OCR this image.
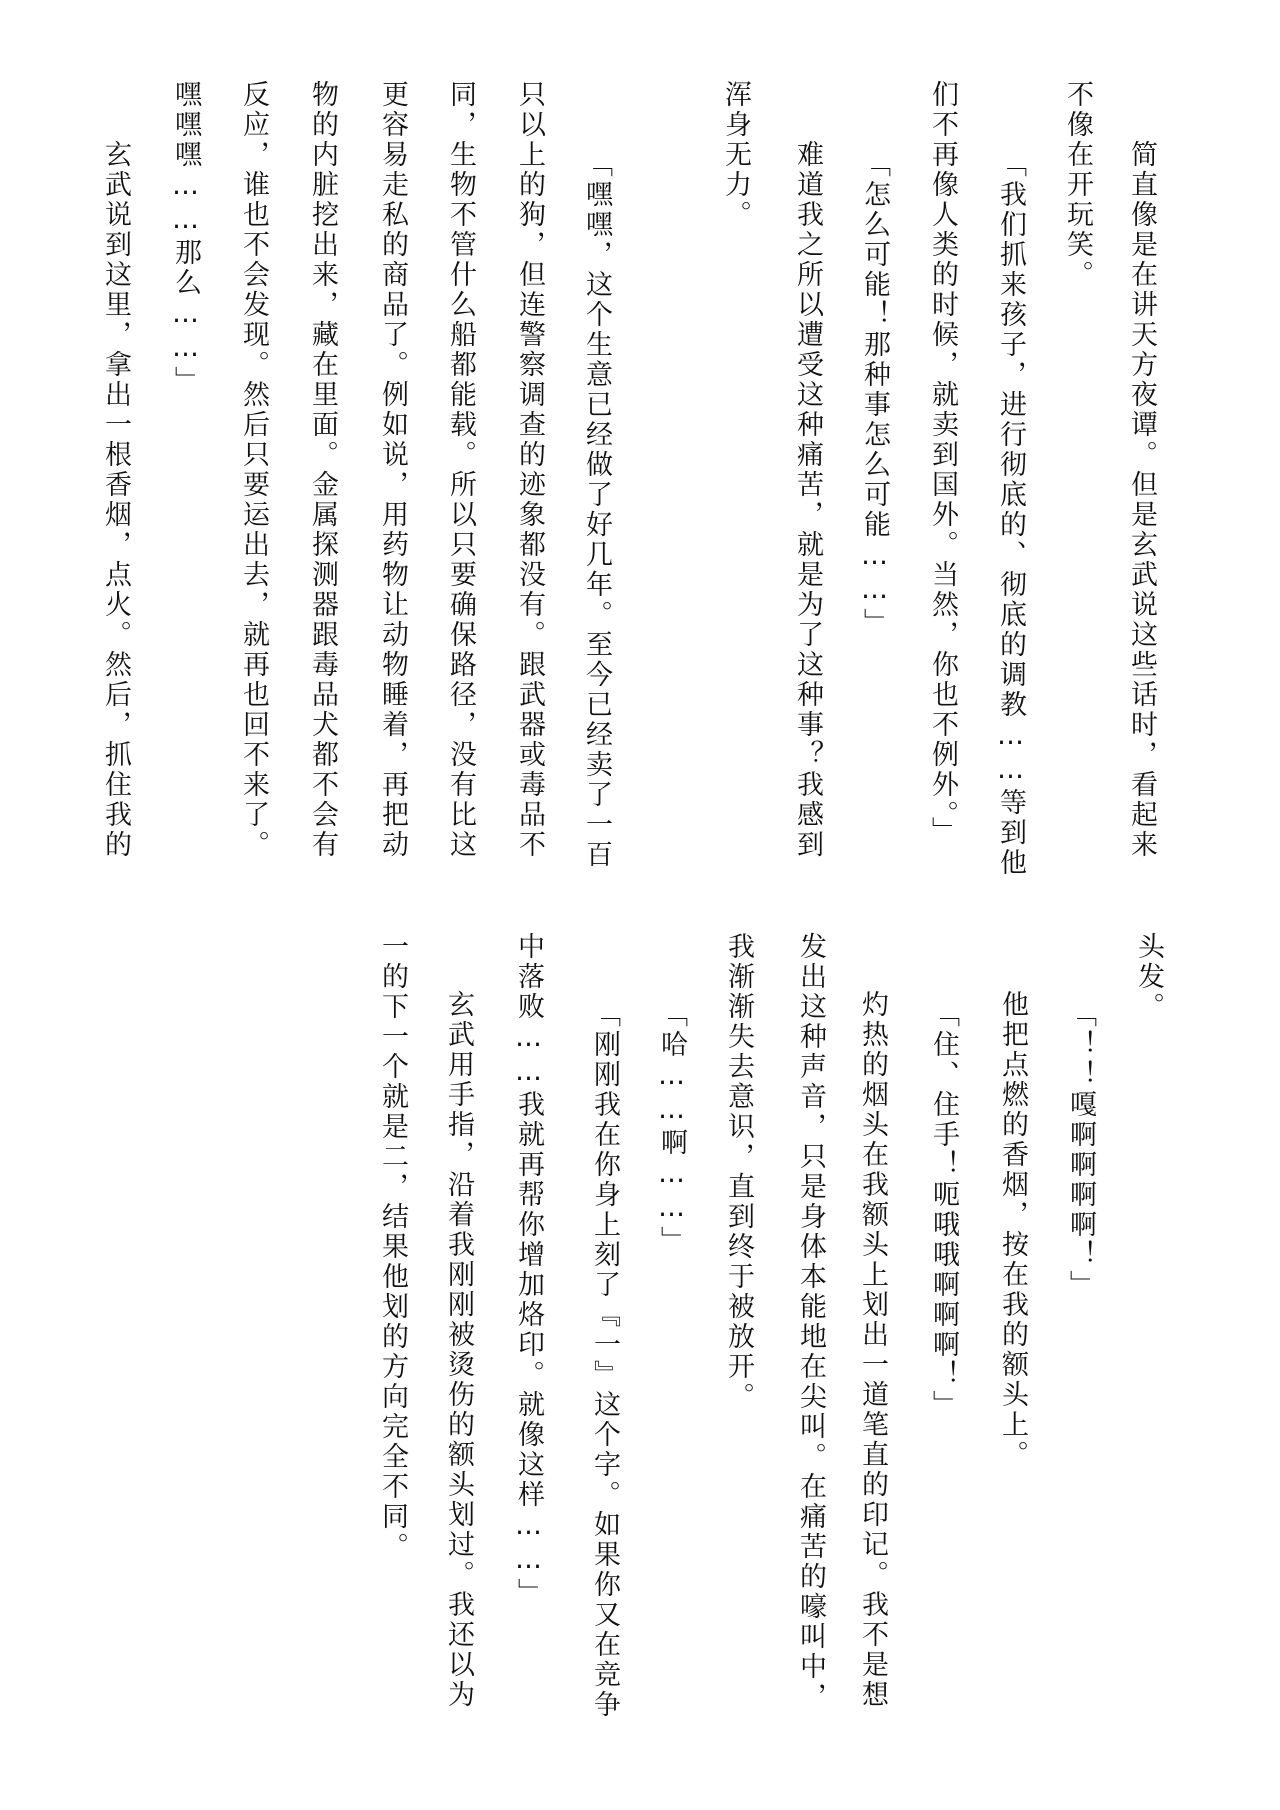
简直像是在讲天方夜谭。但是玄武说这些话时，看起来
不像在开玩笑。
「我们抓来孩子，进行彻底的、彻底的调教……等到他
们不再像人类的时候，就卖到国外。当然，你也不例外。」
「怎么可能！那种事怎么可能……」
难道我之所以遭受这种痛苦，就是为了这种事？我感到
浑身无力。
「嘿嘿，这个生意已经做了好几年。至今已经卖了一百
只以上的狗，但连警察调查的迹象都没有。跟武器或毒品不
同，生物不管什么船都能载。所以只要确保路径，没有比这
更容易走私的商品了。例如说，用药物让动物睡着，再把动
物的内脏挖出来，藏在里面。金属探测器跟毒品犬都不会有
反应，谁也不会发现。然后只要运出去，就再也回不来了。
嘿嘿嘿……那么……」
玄武说到这里，拿出一根香烟，点火。然后，抓住我的
头发。
「！！嘎啊啊啊啊！」
他把点燃的香烟，按在我的额头上。
「住、住手！呃哦哦啊啊啊！」
灼热的烟头在我额头上划出一道笔直的印记。我不是想
发出这种声音，只是身体本能地在尖叫。在痛苦的嚎叫中，
我渐渐失去意识，直到终于被放开。
「哈……啊……」
「刚刚我在你身上刻了『一』这个字。如果你又在竞争
中落败……我就再帮你增加烙印。就像这样……」
玄武用手指，沿着我刚刚被烫伤的额头划过。我还以为
一的下一个就是二，结果他划的方向完全不同。
